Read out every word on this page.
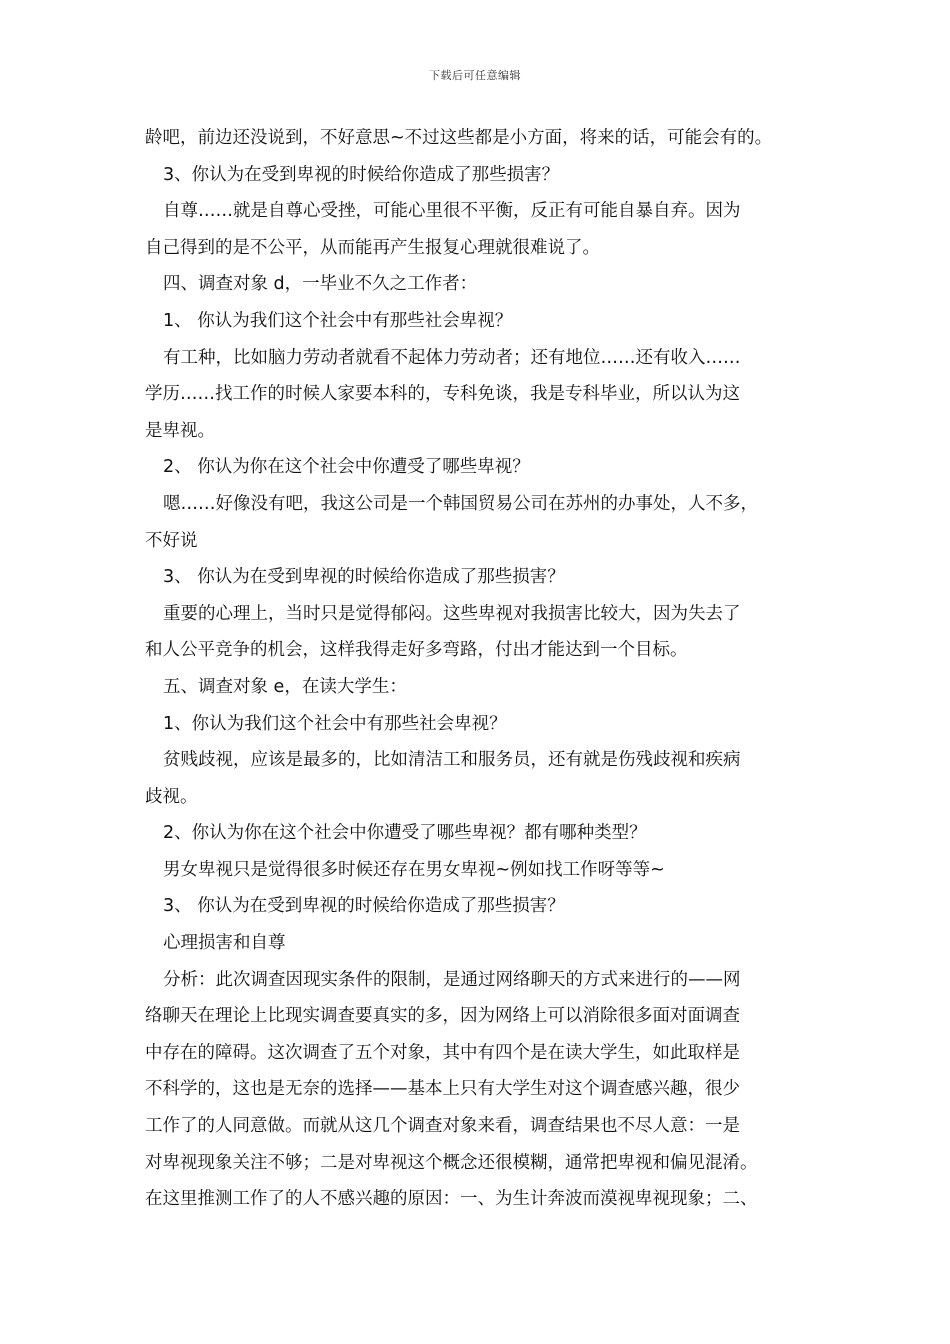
下载后可任意编辑
龄吧，前边还没说到，不好意思~不过这些都是小方面，将来的话，可能会有的。
3、你认为在受到卑视的时候给你造成了那些损害？
自尊……就是自尊心受挫，可能心里很不平衡，反正有可能自暴自弃。因为
自己得到的是不公平，从而能再产生报复心理就很难说了。
四、调查对象 d，一毕业不久之工作者：
1、 你认为我们这个社会中有那些社会卑视？
有工种，比如脑力劳动者就看不起体力劳动者；还有地位……还有收入……
学历……找工作的时候人家要本科的，专科免谈，我是专科毕业，所以认为这
是卑视。
2、 你认为你在这个社会中你遭受了哪些卑视？
嗯……好像没有吧，我这公司是一个韩国贸易公司在苏州的办事处，人不多，
不好说
3、 你认为在受到卑视的时候给你造成了那些损害？
重要的心理上，当时只是觉得郁闷。这些卑视对我损害比较大，因为失去了
和人公平竞争的机会，这样我得走好多弯路，付出才能达到一个目标。
五、调查对象 e，在读大学生：
1、你认为我们这个社会中有那些社会卑视？
贫贱歧视，应该是最多的，比如清洁工和服务员，还有就是伤残歧视和疾病
歧视。
2、你认为你在这个社会中你遭受了哪些卑视？都有哪种类型？
男女卑视只是觉得很多时候还存在男女卑视~例如找工作呀等等~
3、 你认为在受到卑视的时候给你造成了那些损害？
心理损害和自尊
分析：此次调查因现实条件的限制，是通过网络聊天的方式来进行的——网
络聊天在理论上比现实调查要真实的多，因为网络上可以消除很多面对面调查
中存在的障碍。这次调查了五个对象，其中有四个是在读大学生，如此取样是
不科学的，这也是无奈的选择——基本上只有大学生对这个调查感兴趣，很少
工作了的人同意做。而就从这几个调查对象来看，调查结果也不尽人意：一是
对卑视现象关注不够；二是对卑视这个概念还很模糊，通常把卑视和偏见混淆。
在这里推测工作了的人不感兴趣的原因：一、为生计奔波而漠视卑视现象；二、
